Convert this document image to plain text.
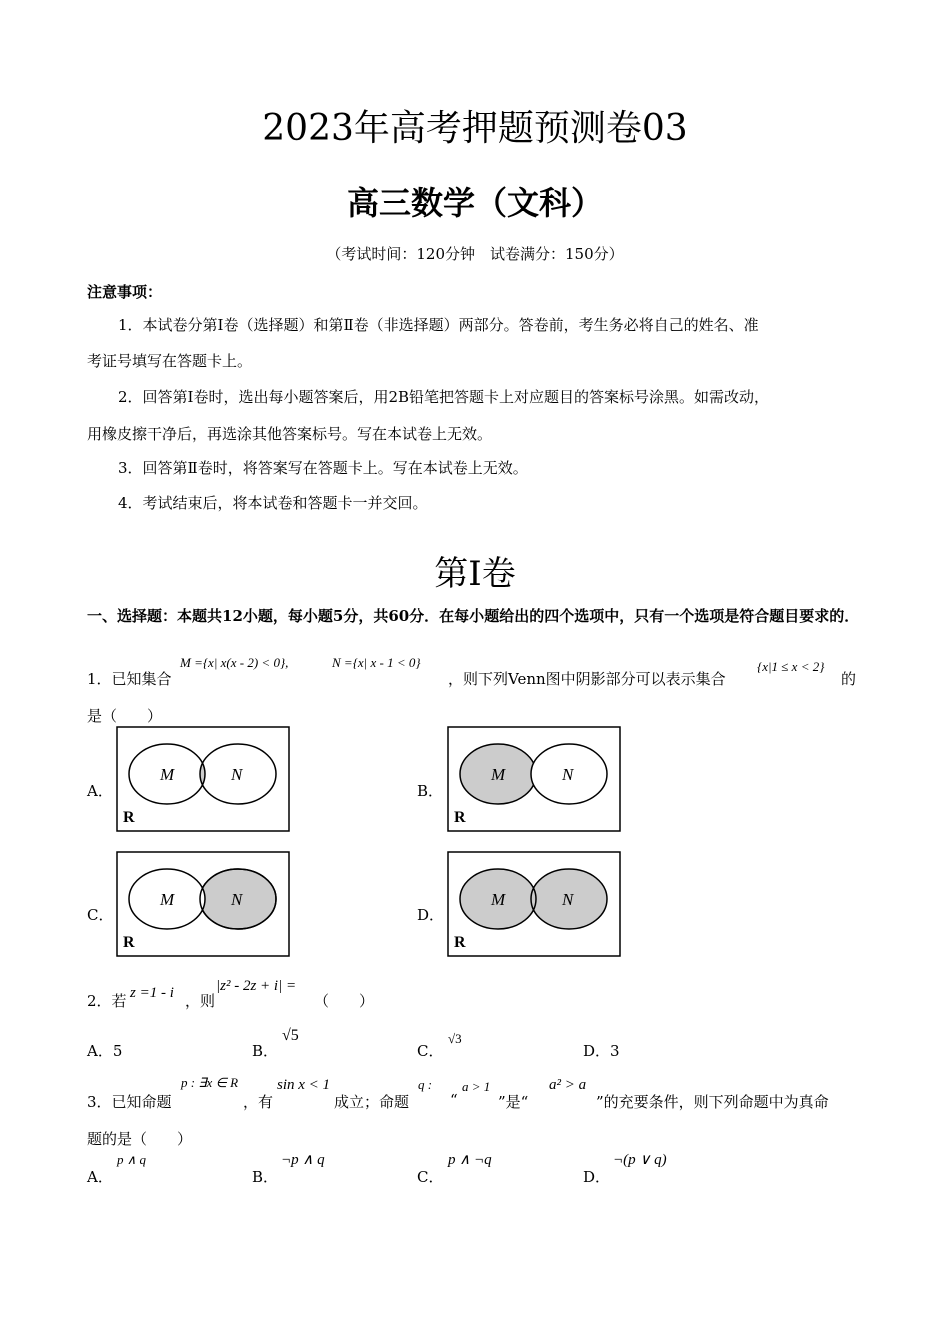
2023年高考押题预测卷03
高三数学（文科）
（考试时间：120分钟　试卷满分：150分）
注意事项：
1．本试卷分第Ⅰ卷（选择题）和第Ⅱ卷（非选择题）两部分。答卷前，考生务必将自己的姓名、准
考证号填写在答题卡上。
2．回答第Ⅰ卷时，选出每小题答案后，用2B铅笔把答题卡上对应题目的答案标号涂黑。如需改动，
用橡皮擦干净后，再选涂其他答案标号。写在本试卷上无效。
3．回答第Ⅱ卷时，将答案写在答题卡上。写在本试卷上无效。
4．考试结束后，将本试卷和答题卡一并交回。
第Ⅰ卷
一、选择题：本题共12小题，每小题5分，共60分．在每小题给出的四个选项中，只有一个选项是符合题目要求的．
1．已知集合
M ={x| x(x - 2) < 0},	N ={x| x - 1 < 0}
，则下列Venn图中阴影部分可以表示集合
{x|1 ≤ x < 2}
的
是（　　）
A．	B．
C．	D．
M	N
R
M	N
R
M	N
R
M	N
R
2．若 z =1 - i ，则
|z² - 2z + i| =
（　　）
A．5	B．
√5
C．
√3
D．3
3．已知命题
p : ∃x ∈ R
，有
sin x < 1
成立；命题
q :
“
a > 1
”是“
a² > a
”的充要条件，则下列命题中为真命
题的是（　　）
A．
p ∧ q
B．
¬p ∧ q
C．
p ∧ ¬q
D．
¬(p ∨ q)
